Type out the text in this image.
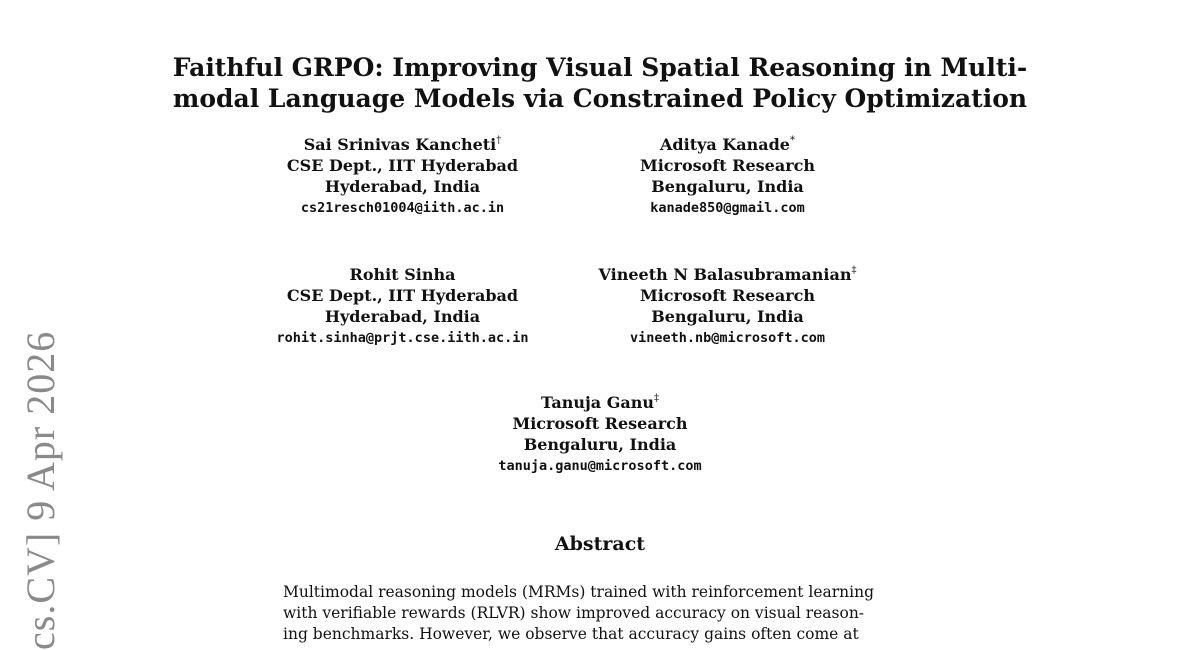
cs.CV] 9 Apr 2026
Faithful GRPO: Improving Visual Spatial Reasoning in Multi-
modal Language Models via Constrained Policy Optimization
Sai Srinivas Kancheti†
CSE Dept., IIT Hyderabad
Hyderabad, India
cs21resch01004@iith.ac.in
Aditya Kanade*
Microsoft Research
Bengaluru, India
kanade850@gmail.com
Rohit Sinha
CSE Dept., IIT Hyderabad
Hyderabad, India
rohit.sinha@prjt.cse.iith.ac.in
Vineeth N Balasubramanian‡
Microsoft Research
Bengaluru, India
vineeth.nb@microsoft.com
Tanuja Ganu‡
Microsoft Research
Bengaluru, India
tanuja.ganu@microsoft.com
Abstract
Multimodal reasoning models (MRMs) trained with reinforcement learning
with verifiable rewards (RLVR) show improved accuracy on visual reason-
ing benchmarks. However, we observe that accuracy gains often come at
